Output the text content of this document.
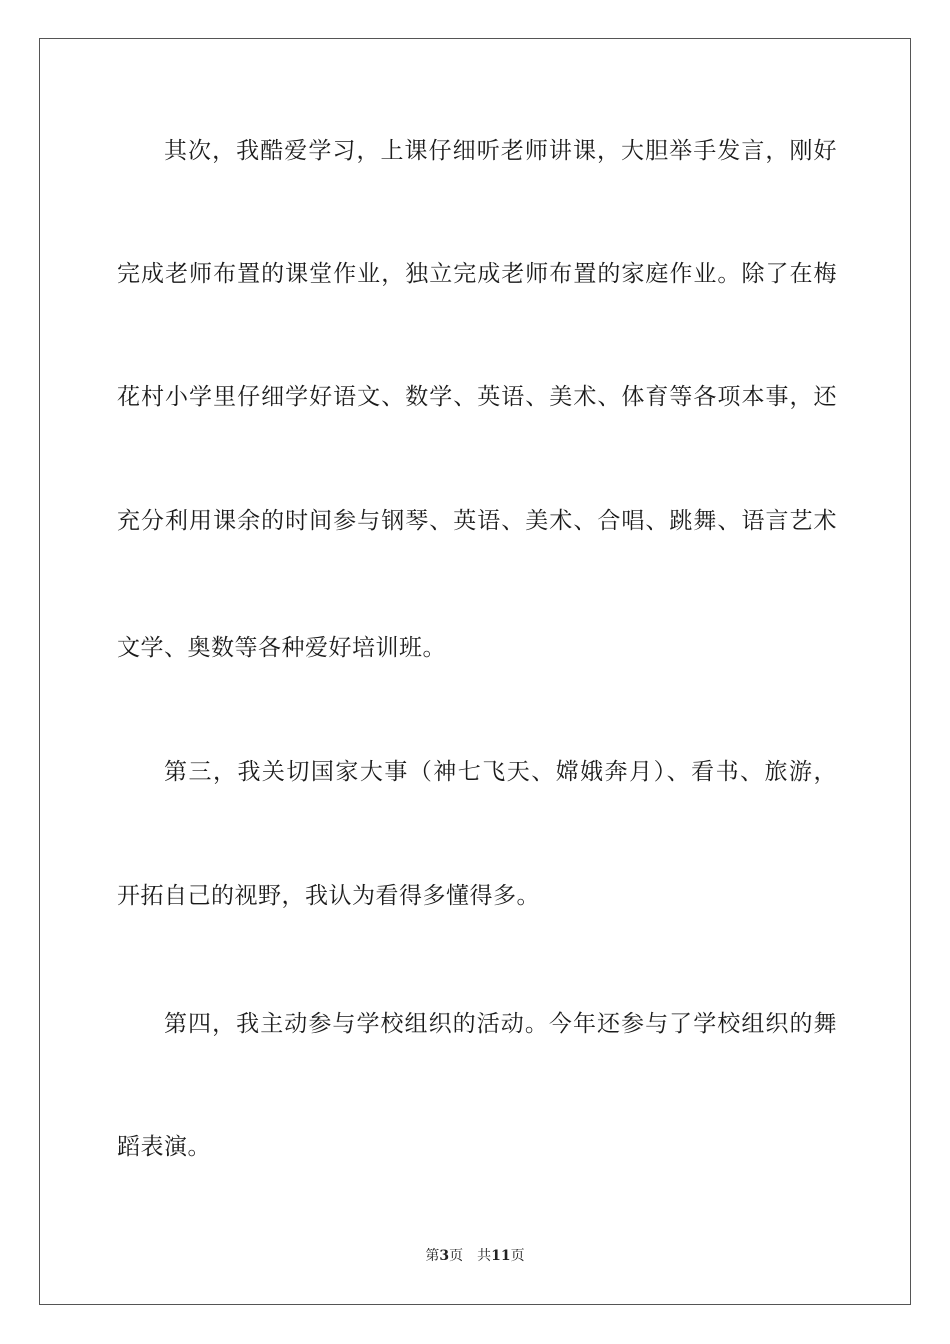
其次，我酷爱学习，上课仔细听老师讲课，大胆举手发言，刚好
完成老师布置的课堂作业，独立完成老师布置的家庭作业。除了在梅
花村小学里仔细学好语文、数学、英语、美术、体育等各项本事，还
充分利用课余的时间参与钢琴、英语、美术、合唱、跳舞、语言艺术
文学、奥数等各种爱好培训班。
第三，我关切国家大事（神七飞天、嫦娥奔月）、看书、旅游，
开拓自己的视野，我认为看得多懂得多。
第四，我主动参与学校组织的活动。今年还参与了学校组织的舞
蹈表演。
第3页　共11页
